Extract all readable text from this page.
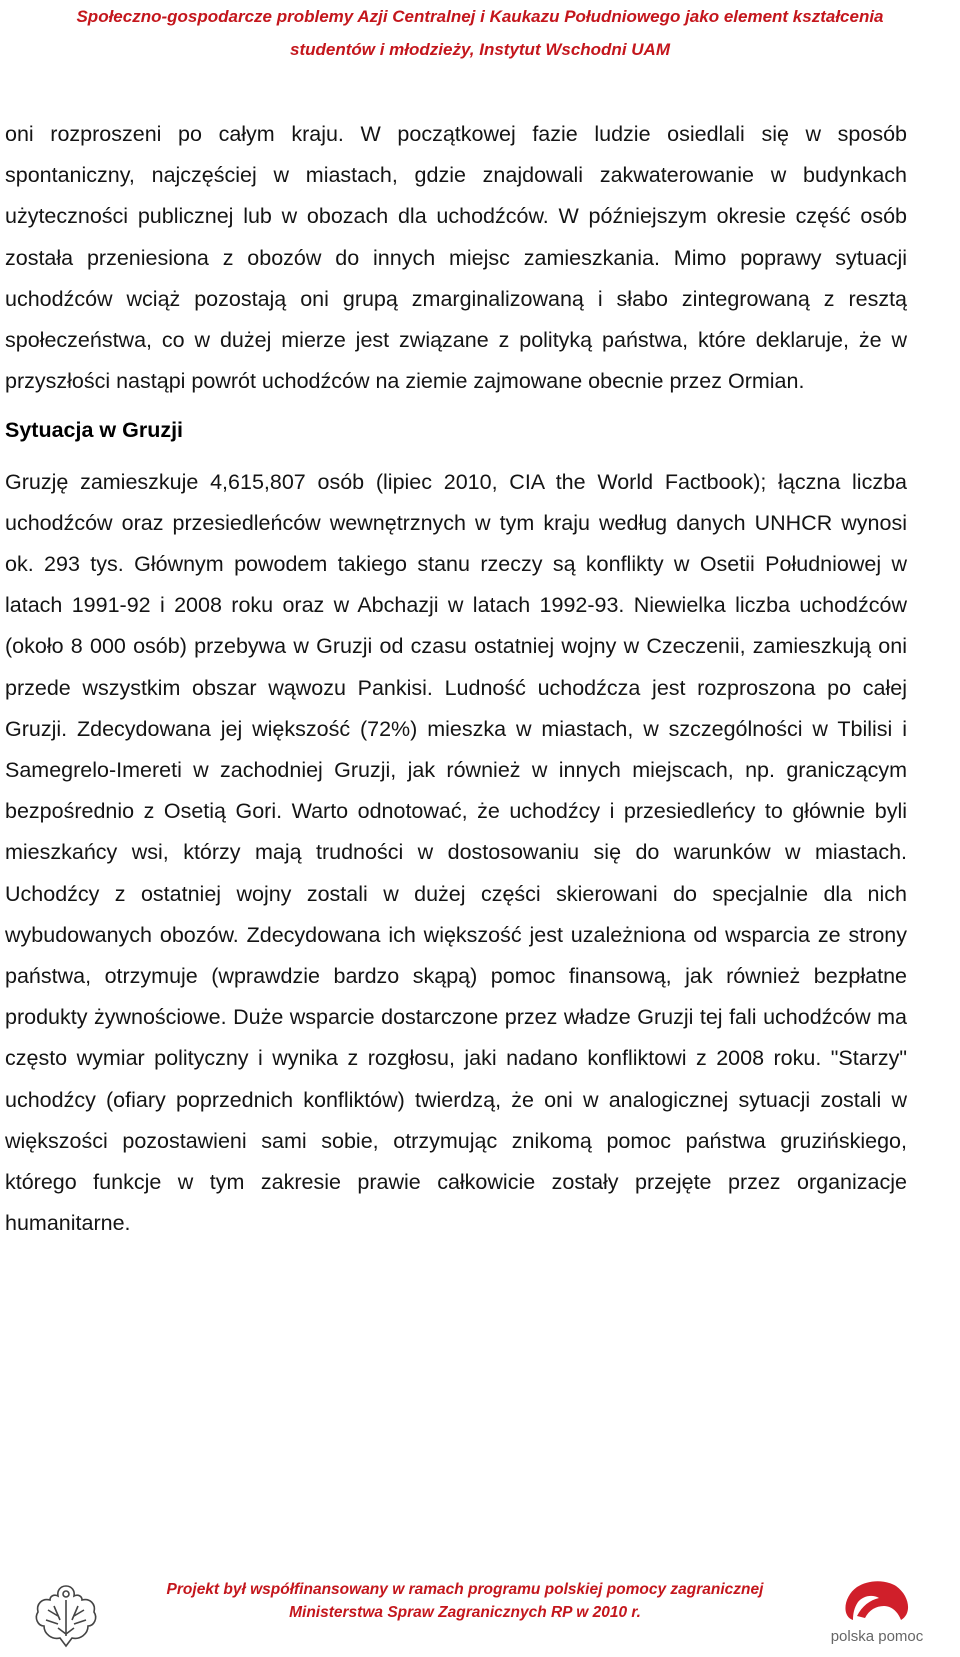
Społeczno-gospodarcze problemy Azji Centralnej i Kaukazu Południowego jako element kształcenia
studentów i młodzieży, Instytut Wschodni UAM

oni rozproszeni po całym kraju. W początkowej fazie ludzie osiedlali się w sposób spontaniczny, najczęściej w miastach, gdzie znajdowali zakwaterowanie w budynkach użyteczności publicznej lub w obozach dla uchodźców. W późniejszym okresie część osób została przeniesiona z obozów do innych miejsc zamieszkania. Mimo poprawy sytuacji uchodźców wciąż pozostają oni grupą zmarginalizowaną i słabo zintegrowaną z resztą społeczeństwa, co w dużej mierze jest związane z polityką państwa, które deklaruje, że w przyszłości nastąpi powrót uchodźców na ziemie zajmowane obecnie przez Ormian.

Sytuacja w Gruzji

Gruzję zamieszkuje 4,615,807 osób (lipiec 2010, CIA the World Factbook); łączna liczba uchodźców oraz przesiedleńców wewnętrznych w tym kraju według danych UNHCR wynosi ok. 293 tys. Głównym powodem takiego stanu rzeczy są konflikty w Osetii Południowej w latach 1991-92 i 2008 roku oraz w Abchazji w latach 1992-93. Niewielka liczba uchodźców (około 8 000 osób) przebywa w Gruzji od czasu ostatniej wojny w Czeczenii, zamieszkują oni przede wszystkim obszar wąwozu Pankisi. Ludność uchodźcza jest rozproszona po całej Gruzji. Zdecydowana jej większość (72%) mieszka w miastach, w szczególności w Tbilisi i Samegrelo-Imereti w zachodniej Gruzji, jak również w innych miejscach, np. graniczącym bezpośrednio z Osetią Gori. Warto odnotować, że uchodźcy i przesiedleńcy to głównie byli mieszkańcy wsi, którzy mają trudności w dostosowaniu się do warunków w miastach. Uchodźcy z ostatniej wojny zostali w dużej części skierowani do specjalnie dla nich wybudowanych obozów. Zdecydowana ich większość jest uzależniona od wsparcia ze strony państwa, otrzymuje (wprawdzie bardzo skąpą) pomoc finansową, jak również bezpłatne produkty żywnościowe. Duże wsparcie dostarczone przez władze Gruzji tej fali uchodźców ma często wymiar polityczny i wynika z rozgłosu, jaki nadano konfliktowi z 2008 roku. "Starzy" uchodźcy (ofiary poprzednich konfliktów) twierdzą, że oni w analogicznej sytuacji zostali w większości pozostawieni sami sobie, otrzymując znikomą pomoc państwa gruzińskiego, którego funkcje w tym zakresie prawie całkowicie zostały przejęte przez organizacje humanitarne.

Projekt był współfinansowany w ramach programu polskiej pomocy zagranicznej
Ministerstwa Spraw Zagranicznych RP w 2010 r.
polska pomoc
